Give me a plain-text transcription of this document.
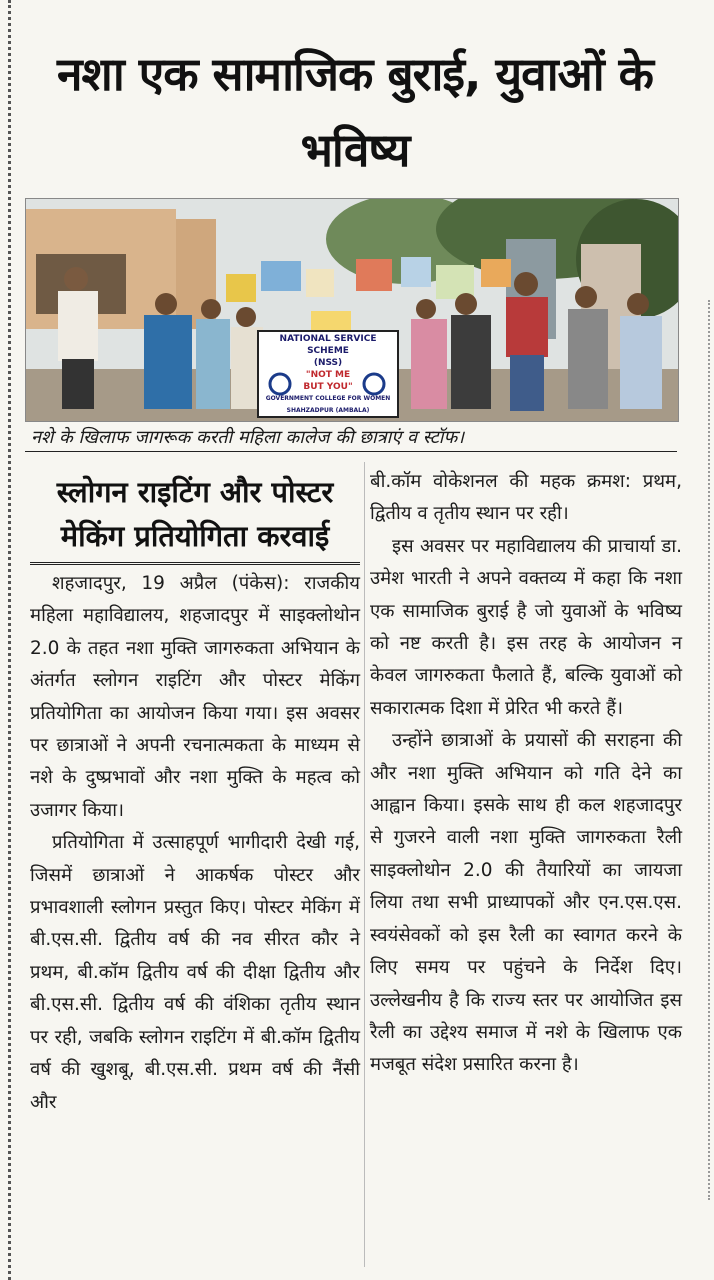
नशा एक सामाजिक बुराई, युवाओं के भविष्य
NATIONAL SERVICE SCHEME
(NSS)
"NOT ME
BUT YOU"
GOVERNMENT COLLEGE FOR WOMEN
SHAHZADPUR (AMBALA)
नशे के खिलाफ जागरूक करती महिला कालेज की छात्राएं व स्टॉफ।
स्लोगन राइटिंग और पोस्टर
मेकिंग प्रतियोगिता करवाई

शहजादपुर, 19 अप्रैल (पंकेस): राजकीय महिला महाविद्यालय, शहजादपुर में साइक्लोथोन 2.0 के तहत नशा मुक्ति जागरुकता अभियान के अंतर्गत स्लोगन राइटिंग और पोस्टर मेकिंग प्रतियोगिता का आयोजन किया गया। इस अवसर पर छात्राओं ने अपनी रचनात्मकता के माध्यम से नशे के दुष्प्रभावों और नशा मुक्ति के महत्व को उजागर किया।

प्रतियोगिता में उत्साहपूर्ण भागीदारी देखी गई, जिसमें छात्राओं ने आकर्षक पोस्टर और प्रभावशाली स्लोगन प्रस्तुत किए। पोस्टर मेकिंग में बी.एस.सी. द्वितीय वर्ष की नव सीरत कौर ने प्रथम, बी.कॉम द्वितीय वर्ष की दीक्षा द्वितीय और बी.एस.सी. द्वितीय वर्ष की वंशिका तृतीय स्थान पर रही, जबकि स्लोगन राइटिंग में बी.कॉम द्वितीय वर्ष की खुशबू, बी.एस.सी. प्रथम वर्ष की नैंसी और

बी.कॉम वोकेशनल की महक क्रमश: प्रथम, द्वितीय व तृतीय स्थान पर रही।

इस अवसर पर महाविद्यालय की प्राचार्या डा. उमेश भारती ने अपने वक्तव्य में कहा कि नशा एक सामाजिक बुराई है जो युवाओं के भविष्य को नष्ट करती है। इस तरह के आयोजन न केवल जागरुकता फैलाते हैं, बल्कि युवाओं को सकारात्मक दिशा में प्रेरित भी करते हैं।

उन्होंने छात्राओं के प्रयासों की सराहना की और नशा मुक्ति अभियान को गति देने का आह्वान किया। इसके साथ ही कल शहजादपुर से गुजरने वाली नशा मुक्ति जागरुकता रैली साइक्लोथोन 2.0 की तैयारियों का जायजा लिया तथा सभी प्राध्यापकों और एन.एस.एस. स्वयंसेवकों को इस रैली का स्वागत करने के लिए समय पर पहुंचने के निर्देश दिए। उल्लेखनीय है कि राज्य स्तर पर आयोजित इस रैली का उद्देश्य समाज में नशे के खिलाफ एक मजबूत संदेश प्रसारित करना है।
